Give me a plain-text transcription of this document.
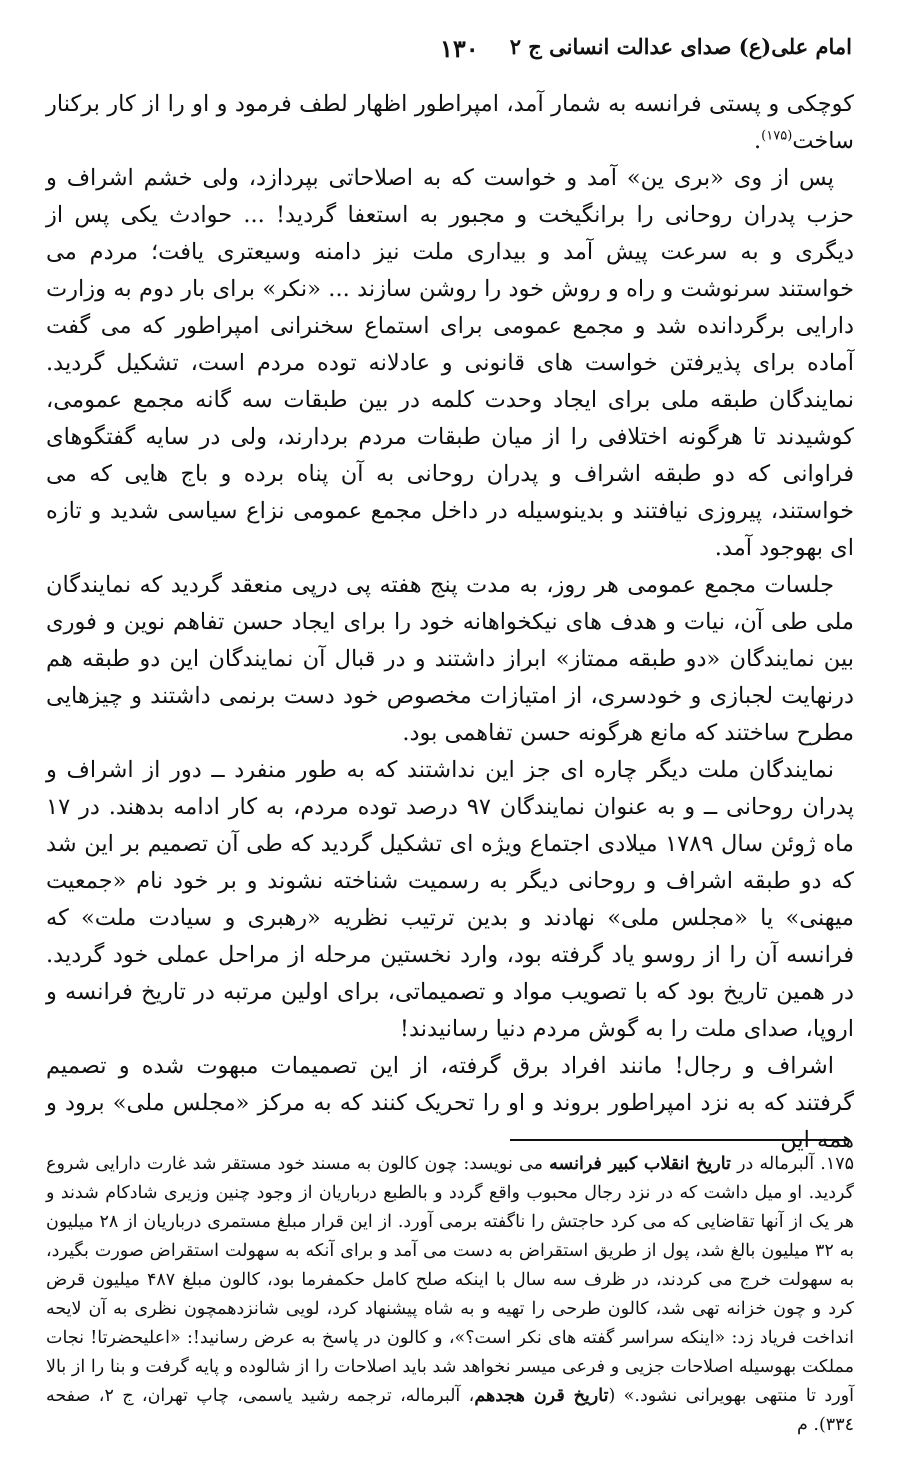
امام علی(ع) صدای عدالت انسانی ج ۲
۱۳۰

کوچکی و پستی فرانسه به شمار آمد، امپراطور اظهار لطف فرمود و او را از کار برکنار ساخت$^{(۱۷۵)}$.

پس از وی «بری ین» آمد و خواست که به اصلاحاتی بپردازد، ولی خشم اشراف و حزب پدران روحانی را برانگیخت و مجبور به استعفا گردید! ... حوادث یکی پس از دیگری و به سرعت پیش آمد و بیداری ملت نیز دامنه وسیعتری یافت؛ مردم می خواستند سرنوشت و راه و روش خود را روشن سازند ... «نکر» برای بار دوم به وزارت دارایی برگردانده شد و مجمع عمومی برای استماع سخنرانی امپراطور که می گفت آماده برای پذیرفتن خواست های قانونی و عادلانه توده مردم است، تشکیل گردید. نمایندگان طبقه ملی برای ایجاد وحدت کلمه در بین طبقات سه گانه مجمع عمومی، کوشیدند تا هرگونه اختلافی را از میان طبقات مردم بردارند، ولی در سایه گفتگوهای فراوانی که دو طبقه اشراف و پدران روحانی به آن پناه برده و باج هایی که می خواستند، پیروزی نیافتند و بدینوسیله در داخل مجمع عمومی نزاع سیاسی شدید و تازه ای بهوجود آمد.

جلسات مجمع عمومی هر روز، به مدت پنج هفته پی درپی منعقد گردید که نمایندگان ملی طی آن، نیات و هدف های نیکخواهانه خود را برای ایجاد حسن تفاهم نوین و فوری بین نمایندگان «دو طبقه ممتاز» ابراز داشتند و در قبال آن نمایندگان این دو طبقه هم درنهایت لجبازی و خودسری، از امتیازات مخصوص خود دست برنمی داشتند و چیزهایی مطرح ساختند که مانع هرگونه حسن تفاهمی بود.

نمایندگان ملت دیگر چاره ای جز این نداشتند که به طور منفرد ــ دور از اشراف و پدران روحانی ــ و به عنوان نمایندگان ۹۷ درصد توده مردم، به کار ادامه بدهند. در ۱۷ ماه ژوئن سال ۱۷۸۹ میلادی اجتماع ویژه ای تشکیل گردید که طی آن تصمیم بر این شد که دو طبقه اشراف و روحانی دیگر به رسمیت شناخته نشوند و بر خود نام «جمعیت میهنی» یا «مجلس ملی» نهادند و بدین ترتیب نظریه «رهبری و سیادت ملت» که فرانسه آن را از روسو یاد گرفته بود، وارد نخستین مرحله از مراحل عملی خود گردید. در همین تاریخ بود که با تصویب مواد و تصمیماتی، برای اولین مرتبه در تاریخ فرانسه و اروپا، صدای ملت را به گوش مردم دنیا رسانیدند!

اشراف و رجال! مانند افراد برق گرفته، از این تصمیمات مبهوت شده و تصمیم گرفتند که به نزد امپراطور بروند و او را تحریک کنند که به مرکز «مجلس ملی» برود و همه این

۱۷۵. آلبرماله در تاریخ انقلاب کبیر فرانسه می نویسد: چون کالون به مسند خود مستقر شد غارت دارایی شروع گردید. او میل داشت که در نزد رجال محبوب واقع گردد و بالطبع درباریان از وجود چنین وزیری شادکام شدند و هر یک از آنها تقاضایی که می کرد حاجتش را ناگفته برمی آورد. از این قرار مبلغ مستمری درباریان از ۲۸ میلیون به ۳۲ میلیون بالغ شد، پول از طریق استقراض به دست می آمد و برای آنکه به سهولت استقراض صورت بگیرد، به سهولت خرج می کردند، در ظرف سه سال با اینکه صلح کامل حکمفرما بود، کالون مبلغ ۴۸۷ میلیون قرض کرد و چون خزانه تهی شد، کالون طرحی را تهیه و به شاه پیشنهاد کرد، لویی شانزدهمچون نظری به آن لایحه انداخت فریاد زد: «اینکه سراسر گفته های نکر است؟»، و کالون در پاسخ به عرض رسانید!: «اعلیحضرتا! نجات مملکت بهوسیله اصلاحات جزیی و فرعی میسر نخواهد شد باید اصلاحات را از شالوده و پایه گرفت و بنا را از بالا آورد تا منتهی بهویرانی نشود.» (تاریخ قرن هجدهم، آلبرماله، ترجمه رشید یاسمی، چاپ تهران، ج ۲، صفحه ۳۳٤). م
